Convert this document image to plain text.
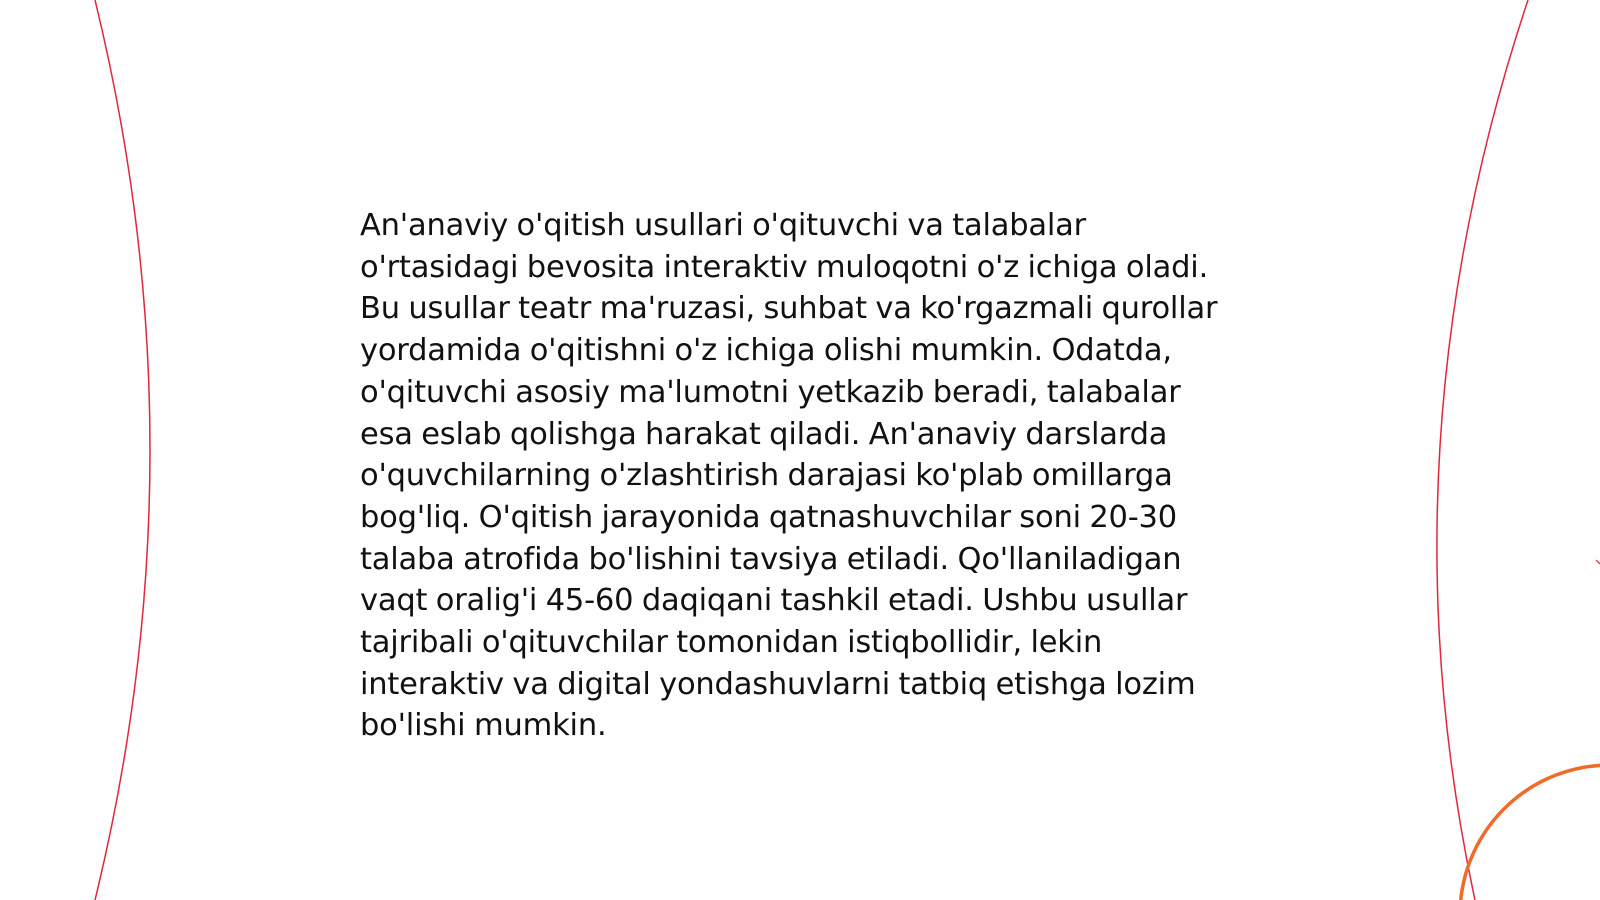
An'anaviy o'qitish usullari o'qituvchi va talabalar o'rtasidagi bevosita interaktiv muloqotni o'z ichiga oladi. Bu usullar teatr ma'ruzasi, suhbat va ko'rgazmali qurollar yordamida o'qitishni o'z ichiga olishi mumkin. Odatda, o'qituvchi asosiy ma'lumotni yetkazib beradi, talabalar esa eslab qolishga harakat qiladi. An'anaviy darslarda o'quvchilarning o'zlashtirish darajasi ko'plab omillarga bog'liq. O'qitish jarayonida qatnashuvchilar soni 20-30 talaba atrofida bo'lishini tavsiya etiladi. Qo'llaniladigan vaqt oralig'i 45-60 daqiqani tashkil etadi. Ushbu usullar tajribali o'qituvchilar tomonidan istiqbollidir, lekin interaktiv va digital yondashuvlarni tatbiq etishga lozim bo'lishi mumkin.
